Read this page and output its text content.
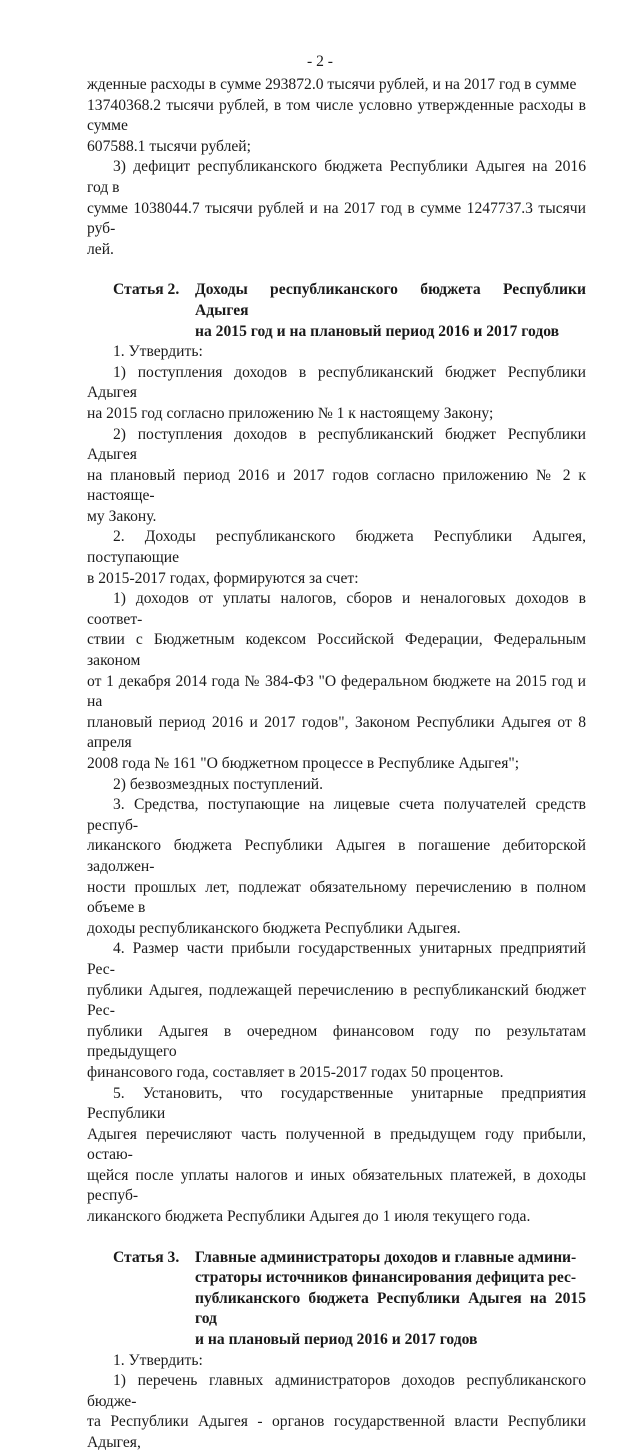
- 2 -
жденные расходы в сумме 293872.0 тысячи рублей, и на 2017 год в сумме
13740368.2 тысячи рублей, в том числе условно утвержденные расходы в сумме
607588.1 тысячи рублей;
3) дефицит республиканского бюджета Республики Адыгея на 2016 год в
сумме 1038044.7 тысячи рублей и на 2017 год в сумме 1247737.3 тысячи руб-
лей.
Статья 2.	Доходы республиканского бюджета Республики Адыгея
на 2015 год и на плановый период 2016 и 2017 годов
1. Утвердить:
1) поступления доходов в республиканский бюджет Республики Адыгея
на 2015 год согласно приложению № 1 к настоящему Закону;
2) поступления доходов в республиканский бюджет Республики Адыгея
на плановый период 2016 и 2017 годов согласно приложению № 2 к настояще-
му Закону.
2. Доходы республиканского бюджета Республики Адыгея, поступающие
в 2015-2017 годах, формируются за счет:
1) доходов от уплаты налогов, сборов и неналоговых доходов в соответ-
ствии с Бюджетным кодексом Российской Федерации, Федеральным законом
от 1 декабря 2014 года № 384-ФЗ "О федеральном бюджете на 2015 год и на
плановый период 2016 и 2017 годов", Законом Республики Адыгея от 8 апреля
2008 года № 161 "О бюджетном процессе в Республике Адыгея";
2) безвозмездных поступлений.
3. Средства, поступающие на лицевые счета получателей средств респуб-
ликанского бюджета Республики Адыгея в погашение дебиторской задолжен-
ности прошлых лет, подлежат обязательному перечислению в полном объеме в
доходы республиканского бюджета Республики Адыгея.
4. Размер части прибыли государственных унитарных предприятий Рес-
публики Адыгея, подлежащей перечислению в республиканский бюджет Рес-
публики Адыгея в очередном финансовом году по результатам предыдущего
финансового года, составляет в 2015-2017 годах 50 процентов.
5. Установить, что государственные унитарные предприятия Республики
Адыгея перечисляют часть полученной в предыдущем году прибыли, остаю-
щейся после уплаты налогов и иных обязательных платежей, в доходы респуб-
ликанского бюджета Республики Адыгея до 1 июля текущего года.
Статья 3.	Главные администраторы доходов и главные админи-
страторы источников финансирования дефицита рес-
публиканского бюджета Республики Адыгея на 2015 год
и на плановый период 2016 и 2017 годов
1. Утвердить:
1) перечень главных администраторов доходов республиканского бюдже-
та Республики Адыгея - органов государственной власти Республики Адыгея,
